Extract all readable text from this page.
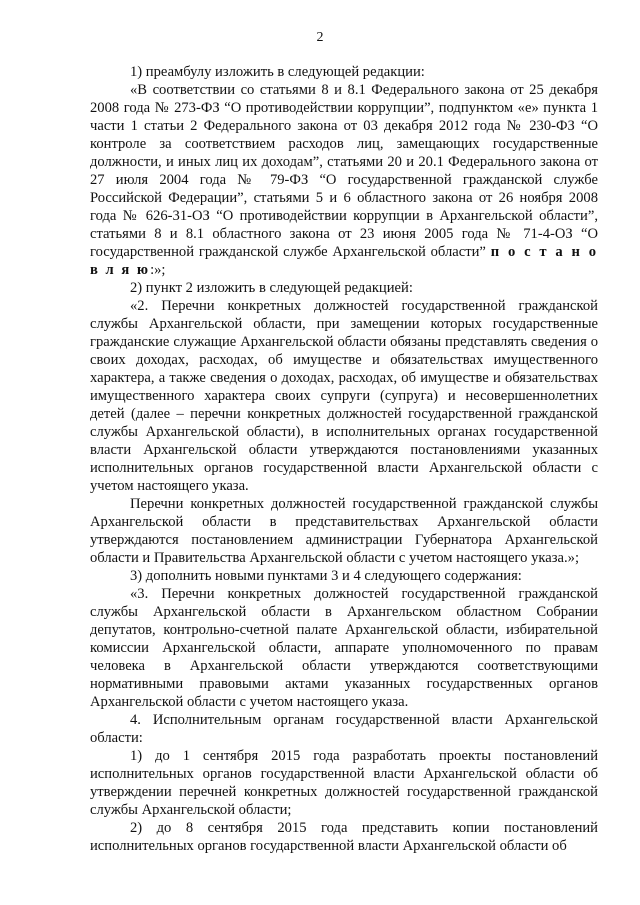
2

1) преамбулу изложить в следующей редакции:

«В соответствии со статьями 8 и 8.1 Федерального закона от 25 декабря 2008 года № 273-ФЗ “О противодействии коррупции”, подпунктом «е» пункта 1 части 1 статьи 2 Федерального закона от 03 декабря 2012 года № 230-ФЗ “О контроле за соответствием расходов лиц, замещающих государственные должности, и иных лиц их доходам”, статьями 20 и 20.1 Федерального закона от 27 июля 2004 года № 79-ФЗ “О государственной гражданской службе Российской Федерации”, статьями 5 и 6 областного закона от 26 ноября 2008 года № 626-31-ОЗ “О противодействии коррупции в Архангельской области”, статьями 8 и 8.1 областного закона от 23 июня 2005 года № 71-4-ОЗ “О государственной гражданской службе Архангельской области” п о с т а н о в л я ю:»;

2) пункт 2 изложить в следующей редакцией:

«2. Перечни конкретных должностей государственной гражданской службы Архангельской области, при замещении которых государственные гражданские служащие Архангельской области обязаны представлять сведения о своих доходах, расходах, об имуществе и обязательствах имущественного характера, а также сведения о доходах, расходах, об имуществе и обязательствах имущественного характера своих супруги (супруга) и несовершеннолетних детей (далее – перечни конкретных должностей государственной гражданской службы Архангельской области), в исполнительных органах государственной власти Архангельской области утверждаются постановлениями указанных исполнительных органов государственной власти Архангельской области с учетом настоящего указа.

Перечни конкретных должностей государственной гражданской службы Архангельской области в представительствах Архангельской области утверждаются постановлением администрации Губернатора Архангельской области и Правительства Архангельской области с учетом настоящего указа.»;

3) дополнить новыми пунктами 3 и 4 следующего содержания:

«3. Перечни конкретных должностей государственной гражданской службы Архангельской области в Архангельском областном Собрании депутатов, контрольно-счетной палате Архангельской области, избирательной комиссии Архангельской области, аппарате уполномоченного по правам человека в Архангельской области утверждаются соответствующими нормативными правовыми актами указанных государственных органов Архангельской области с учетом настоящего указа.

4. Исполнительным органам государственной власти Архангельской области:

1) до 1 сентября 2015 года разработать проекты постановлений исполнительных органов государственной власти Архангельской области об утверждении перечней конкретных должностей государственной гражданской службы Архангельской области;

2) до 8 сентября 2015 года представить копии постановлений исполнительных органов государственной власти Архангельской области об
